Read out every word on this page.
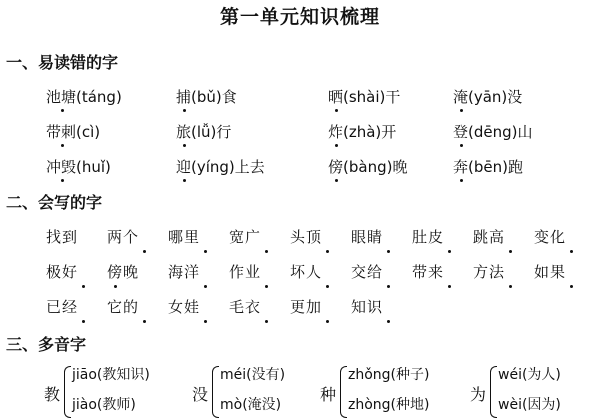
第一单元知识梳理
一、易读错的字
池塘(táng)	捕(bǔ)食	晒(shài)干	淹(yān)没
带刺(cì)	旅(lǚ)行	炸(zhà)开	登(dēng)山
冲毁(huǐ)	迎(yíng)上去	傍(bàng)晚	奔(bēn)跑
二、会写的字
找到 两个 哪里 宽广 头顶 眼睛 肚皮 跳高 变化
极好 傍晚 海洋 作业 坏人 交给 带来 方法 如果
已经 它的 女娃 毛衣 更加 知识
三、多音字
教
jiāo(教知识)
jiào(教师)
没
méi(没有)
mò(淹没)
种
zhǒng(种子)
zhòng(种地)
为
wéi(为人)
wèi(因为)
